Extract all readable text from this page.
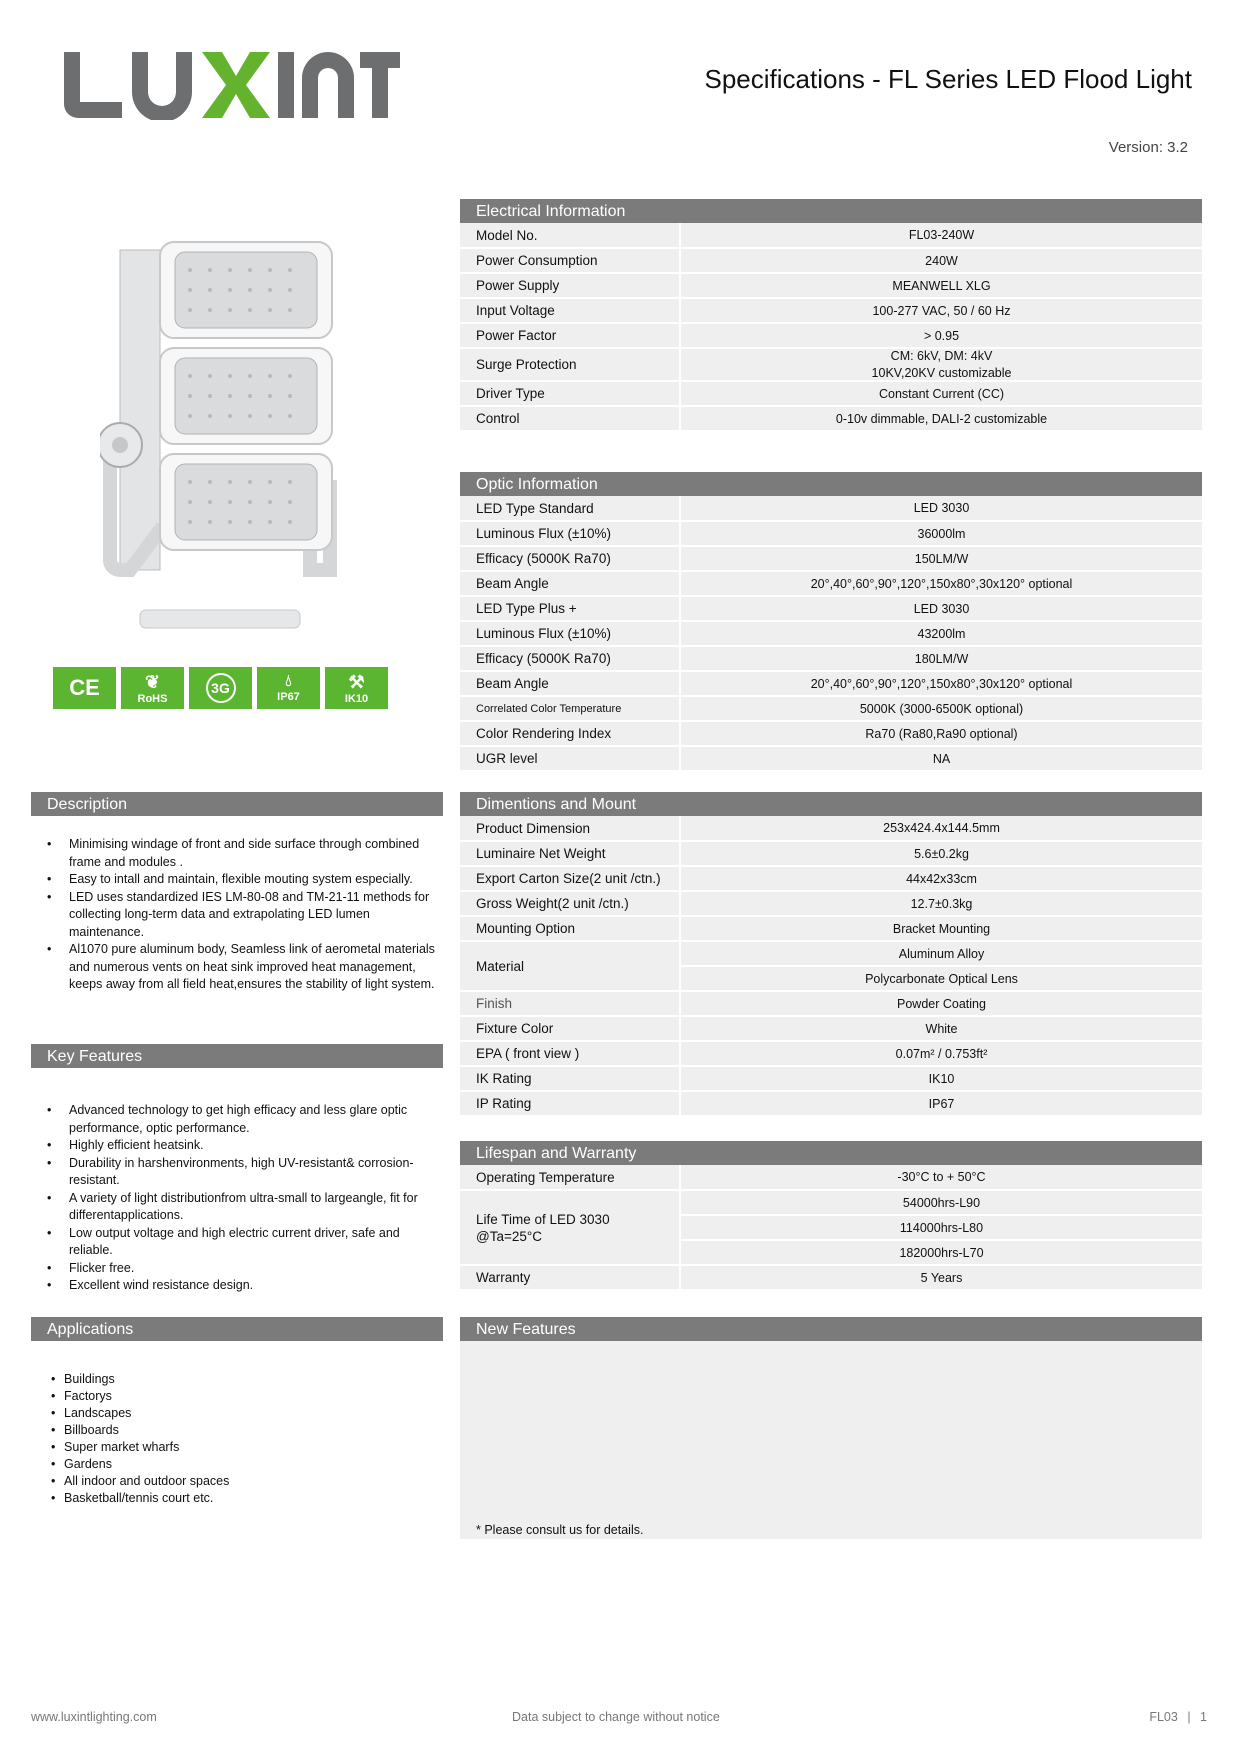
Specifications - FL Series LED Flood Light
Version: 3.2
CE	❦
RoHS
3G	💧︎
IP67
⚒
IK10
Electrical Information
Model No.	FL03-240W
Power Consumption	240W
Power Supply	MEANWELL XLG
Input Voltage	100-277 VAC, 50 / 60 Hz
Power Factor	> 0.95
Surge Protection	CM: 6kV, DM: 4kV
10KV,20KV customizable

Driver Type	Constant Current (CC)
Control	0-10v dimmable, DALI-2 customizable
Optic Information
LED Type Standard	LED 3030
Luminous Flux (±10%)	36000lm
Efficacy (5000K Ra70)	150LM/W
Beam Angle	20°,40°,60°,90°,120°,150x80°,30x120° optional
LED Type Plus +	LED 3030
Luminous Flux (±10%)	43200lm
Efficacy (5000K Ra70)	180LM/W
Beam Angle	20°,40°,60°,90°,120°,150x80°,30x120° optional
Correlated Color Temperature	5000K (3000-6500K optional)
Color Rendering Index	Ra70 (Ra80,Ra90 optional)
UGR level	NA
Dimentions and Mount
Product Dimension	253x424.4x144.5mm
Luminaire Net Weight	5.6±0.2kg
Export Carton Size(2 unit /ctn.)	44x42x33cm
Gross Weight(2 unit /ctn.)	12.7±0.3kg
Mounting Option	Bracket Mounting
Material	Aluminum Alloy
	Polycarbonate Optical Lens
Finish	Powder Coating
Fixture Color	White
EPA ( front view )	0.07m² / 0.753ft²
IK Rating	IK10
IP Rating	IP67
Lifespan and Warranty
Operating Temperature	-30°C to + 50°C

Life Time of LED 3030
@Ta=25°C	54000hrs-L90
	114000hrs-L80
	182000hrs-L70
Warranty	5 Years
New Features
* Please consult us for details.
Description
• Minimising windage of front and side surface through combined frame and modules .
• Easy to intall and maintain, flexible mouting system especially.
• LED uses standardized IES LM-80-08 and TM-21-11 methods for collecting long-term data and extrapolating LED lumen maintenance.
• Al1070 pure aluminum body, Seamless link of aerometal materials and numerous vents on heat sink improved heat management, keeps away from all field heat,ensures the stability of light system.
Key Features
• Advanced technology to get high efficacy and less glare optic performance, optic performance.
• Highly efficient heatsink.
• Durability in harshenvironments, high UV-resistant& corrosion-resistant.
• A variety of light distributionfrom ultra-small to largeangle, fit for differentapplications.
• Low output voltage and high electric current driver, safe and reliable.
• Flicker free.
• Excellent wind resistance design.
Applications
• Buildings
• Factorys
• Landscapes
• Billboards
• Super market wharfs
• Gardens
• All indoor and outdoor spaces
• Basketball/tennis court etc.
www.luxintlighting.com	Data subject to change without notice	FL03 | 1
